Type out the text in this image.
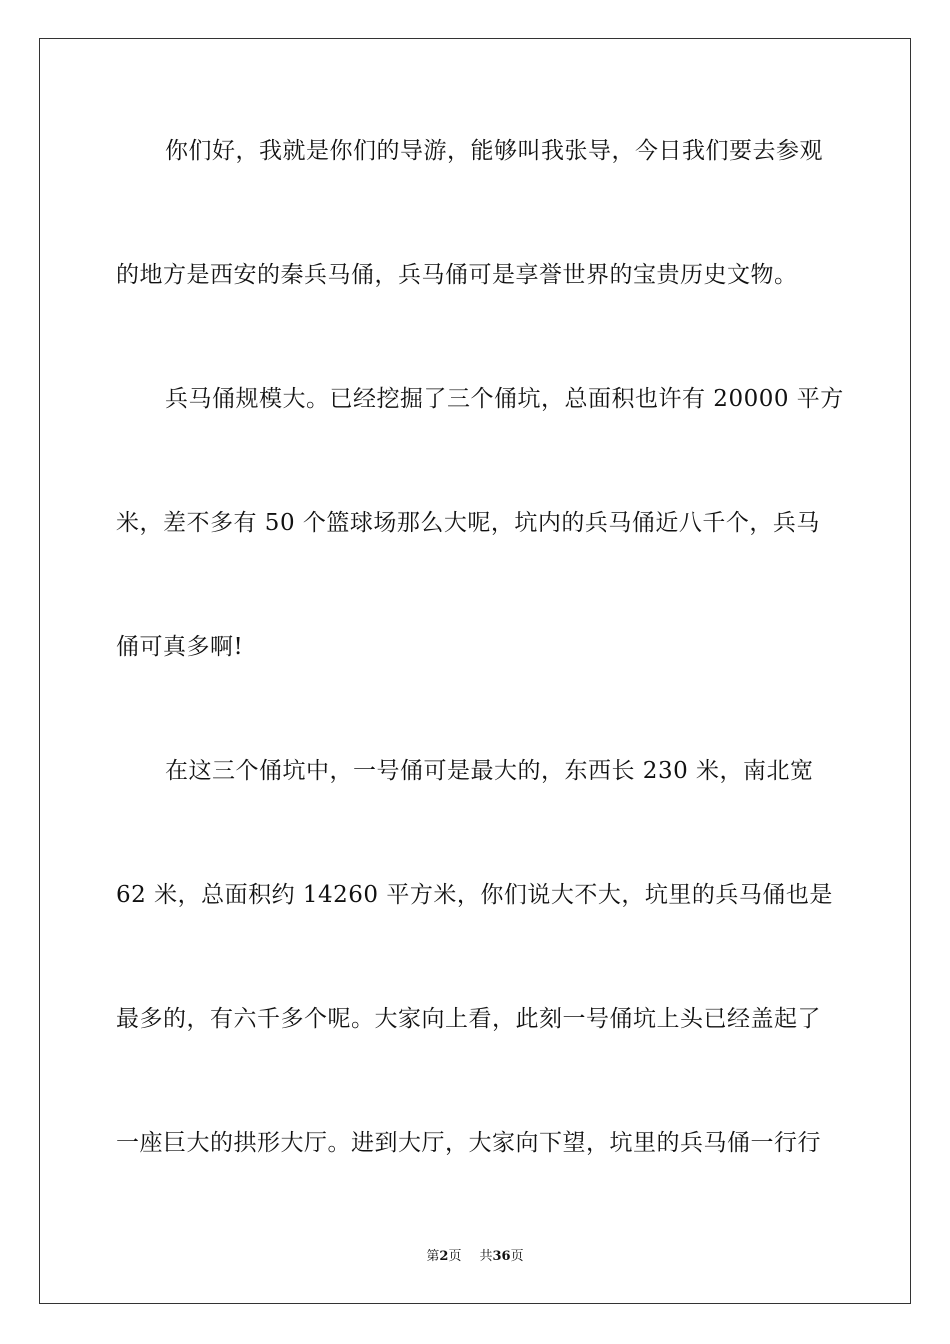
你们好，我就是你们的导游，能够叫我张导，今日我们要去参观
的地方是西安的秦兵马俑，兵马俑可是享誉世界的宝贵历史文物。
兵马俑规模大。已经挖掘了三个俑坑，总面积也许有 20000 平方
米，差不多有 50 个篮球场那么大呢，坑内的兵马俑近八千个，兵马
俑可真多啊!
在这三个俑坑中，一号俑可是最大的，东西长 230 米，南北宽
62 米，总面积约 14260 平方米，你们说大不大，坑里的兵马俑也是
最多的，有六千多个呢。大家向上看，此刻一号俑坑上头已经盖起了
一座巨大的拱形大厅。进到大厅，大家向下望，坑里的兵马俑一行行
第2页 共36页
